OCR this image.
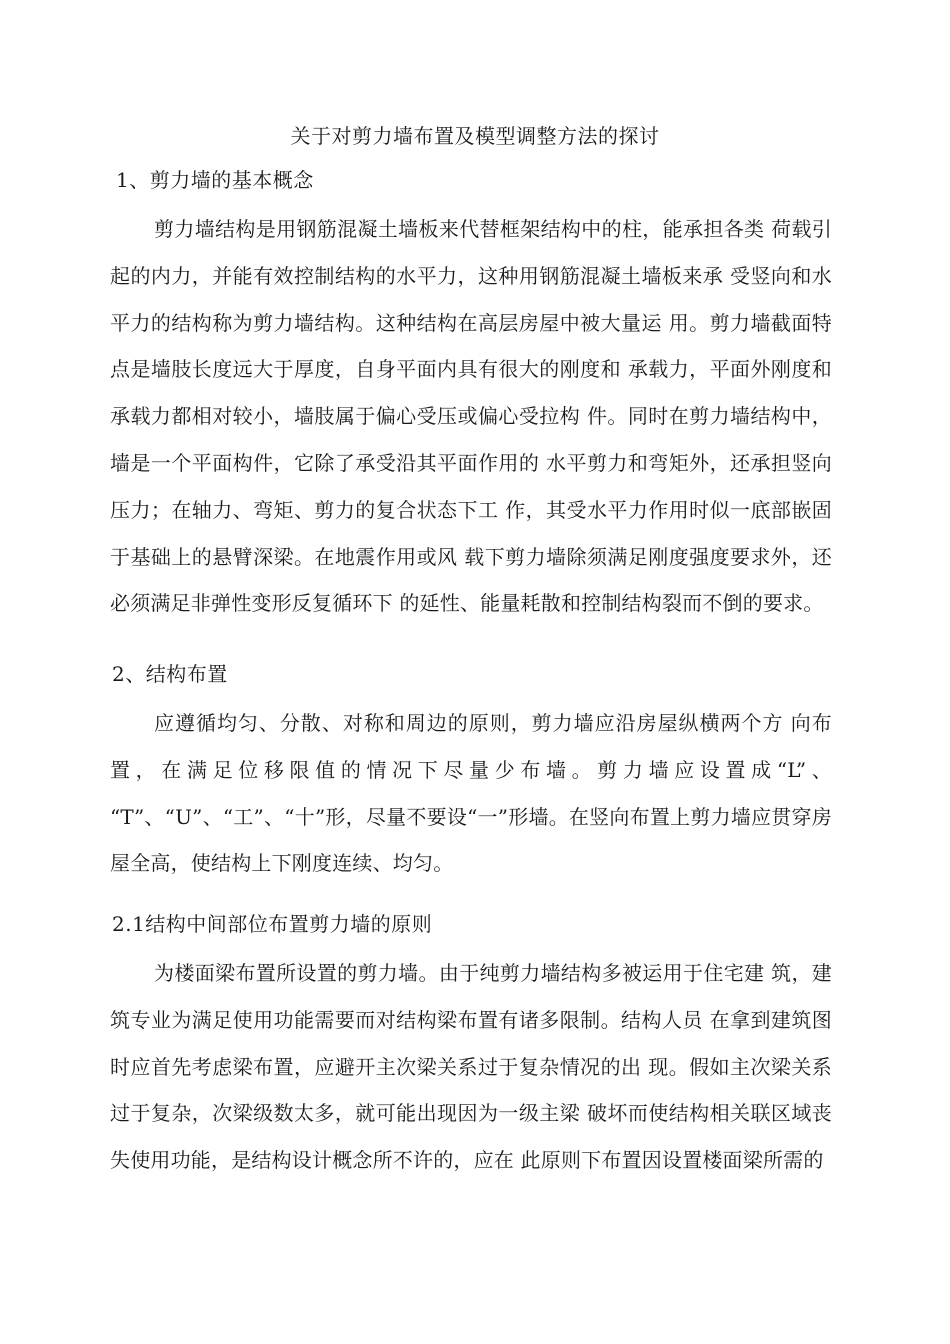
关于对剪力墙布置及模型调整方法的探讨
1、剪力墙的基本概念
剪力墙结构是用钢筋混凝土墙板来代替框架结构中的柱，能承担各类 荷载引起的内力，并能有效控制结构的水平力，这种用钢筋混凝土墙板来承 受竖向和水平力的结构称为剪力墙结构。这种结构在高层房屋中被大量运 用。剪力墙截面特点是墙肢长度远大于厚度，自身平面内具有很大的刚度和 承载力，平面外刚度和承载力都相对较小，墙肢属于偏心受压或偏心受拉构 件。同时在剪力墙结构中，墙是一个平面构件，它除了承受沿其平面作用的 水平剪力和弯矩外，还承担竖向压力；在轴力、弯矩、剪力的复合状态下工 作，其受水平力作用时似一底部嵌固于基础上的悬臂深梁。在地震作用或风 载下剪力墙除须满足刚度强度要求外，还必须满足非弹性变形反复循环下 的延性、能量耗散和控制结构裂而不倒的要求。
2、结构布置
应遵循均匀、分散、对称和周边的原则，剪力墙应沿房屋纵横两个方 向布置，在满足位移限值的情况下尽量少布墙。剪力墙应设置成“L”、 “T”、“U”、“工”、“十”形，尽量不要设“一”形墙。在竖向布置上剪力墙应贯穿房屋全高，使结构上下刚度连续、均匀。
2.1结构中间部位布置剪力墙的原则
为楼面梁布置所设置的剪力墙。由于纯剪力墙结构多被运用于住宅建 筑，建筑专业为满足使用功能需要而对结构梁布置有诸多限制。结构人员 在拿到建筑图时应首先考虑梁布置，应避开主次梁关系过于复杂情况的出 现。假如主次梁关系过于复杂，次梁级数太多，就可能出现因为一级主梁 破坏而使结构相关联区域丧失使用功能，是结构设计概念所不许的，应在 此原则下布置因设置楼面梁所需的
